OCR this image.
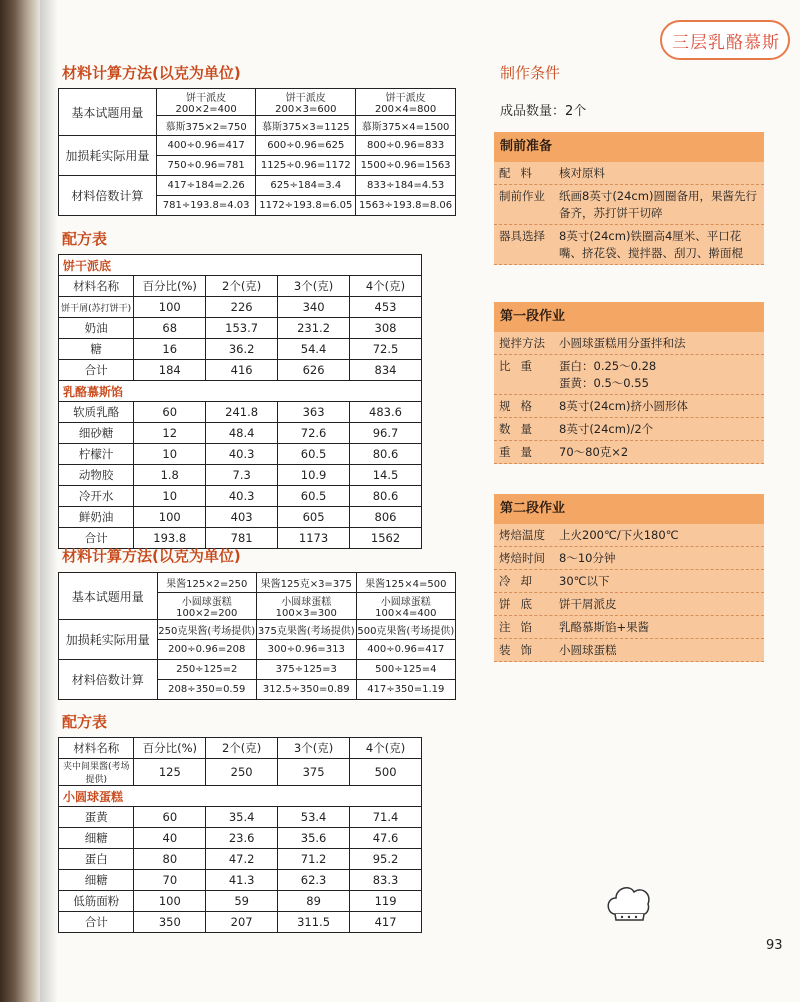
三层乳酪慕斯
材料计算方法(以克为单位)
基本试题用量	饼干派皮200×2=400	饼干派皮200×3=600	饼干派皮200×4=800
	慕斯375×2=750	慕斯375×3=1125	慕斯375×4=1500
加损耗实际用量	400÷0.96=417	600÷0.96=625	800÷0.96=833
	750÷0.96=781	1125÷0.96=1172	1500÷0.96=1563
材料倍数计算	417÷184=2.26	625÷184=3.4	833÷184=4.53
	781÷193.8=4.03	1172÷193.8=6.05	1563÷193.8=8.06
配方表
饼干派底				
材料名称	百分比(%)	2个(克)	3个(克)	4个(克)
饼干屑(苏打饼干)	100	226	340	453
奶油	68	153.7	231.2	308
糖	16	36.2	54.4	72.5
合计	184	416	626	834
乳酪慕斯馅				
软质乳酪	60	241.8	363	483.6
细砂糖	12	48.4	72.6	96.7
柠檬汁	10	40.3	60.5	80.6
动物胶	1.8	7.3	10.9	14.5
冷开水	10	40.3	60.5	80.6
鲜奶油	100	403	605	806
合计	193.8	781	1173	1562
材料计算方法(以克为单位)
基本试题用量	果酱125×2=250	果酱125克×3=375	果酱125×4=500
	小圆球蛋糕100×2=200	小圆球蛋糕100×3=300	小圆球蛋糕100×4=400
加损耗实际用量	250克果酱(考场提供)	375克果酱(考场提供)	500克果酱(考场提供)
	200÷0.96=208	300÷0.96=313	400÷0.96=417
材料倍数计算	250÷125=2	375÷125=3	500÷125=4
	208÷350=0.59	312.5÷350=0.89	417÷350=1.19
配方表
材料名称	百分比(%)	2个(克)	3个(克)	4个(克)
夹中间果酱(考场提供)	125	250	375	500
小圆球蛋糕				
蛋黄	60	35.4	53.4	71.4
细糖	40	23.6	35.6	47.6
蛋白	80	47.2	71.2	95.2
细糖	70	41.3	62.3	83.3
低筋面粉	100	59	89	119
合计	350	207	311.5	417
制作条件
成品数量：2个
制前准备
配料	核对原料
制前作业	纸画8英寸(24cm)圆圈备用，果酱先行备齐，苏打饼干切碎
器具选择	8英寸(24cm)铁圈高4厘米、平口花嘴、挤花袋、搅拌器、刮刀、擀面棍
第一段作业
搅拌方法	小圆球蛋糕用分蛋拌和法
比重	蛋白：0.25～0.28
蛋黄：0.5～0.55
规格	8英寸(24cm)挤小圆形体
数量	8英寸(24cm)/2个
重量	70～80克×2
第二段作业
烤焙温度	上火200℃/下火180℃
烤焙时间	8～10分钟
冷却	30℃以下
饼底	饼干屑派皮
注馅	乳酪慕斯馅+果酱
装饰	小圆球蛋糕
93
